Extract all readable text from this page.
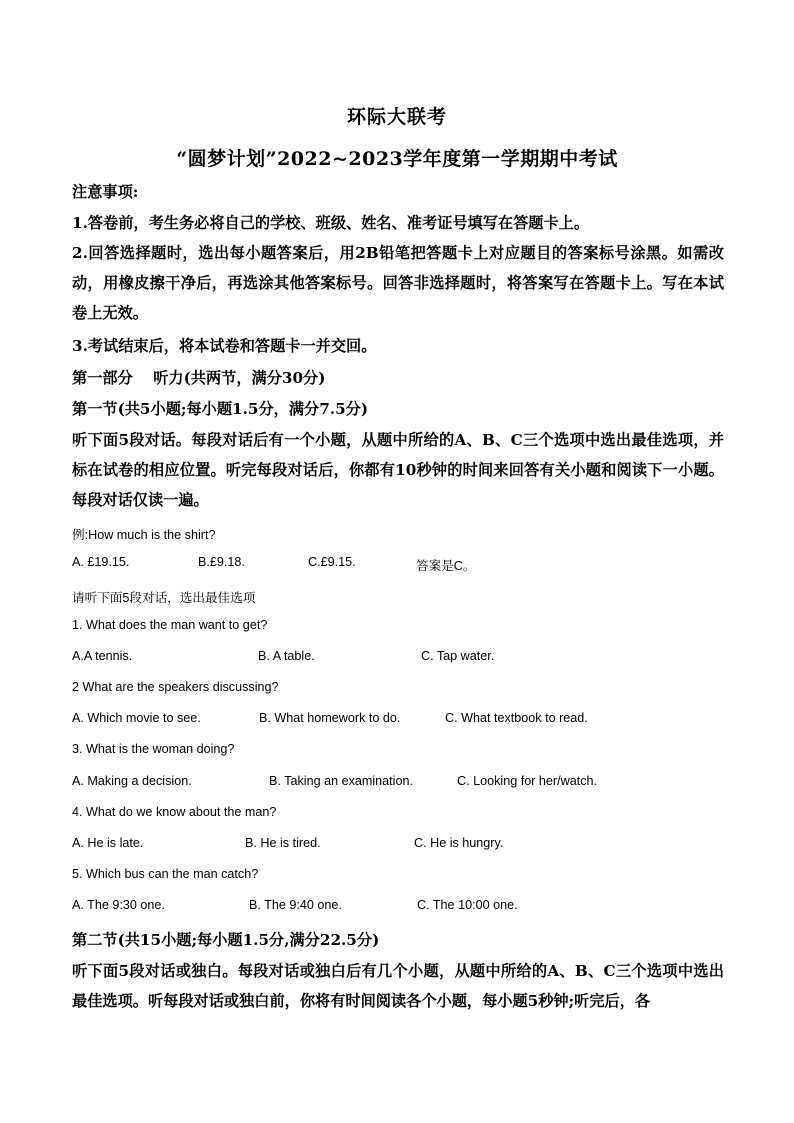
环际大联考
“圆梦计划”2022~2023学年度第一学期期中考试
注意事项:
1.答卷前，考生务必将自己的学校、班级、姓名、准考证号填写在答题卡上。
2.回答选择题时，选出每小题答案后，用2B铅笔把答题卡上对应题目的答案标号涂黑。如需改动，用橡皮擦干净后，再选涂其他答案标号。回答非选择题时，将答案写在答题卡上。写在本试卷上无效。
3.考试结束后，将本试卷和答题卡一并交回。
第一部分　 听力(共两节，满分30分)
第一节(共5小题;每小题1.5分，满分7.5分)
听下面5段对话。每段对话后有一个小题，从题中所给的A、B、C三个选项中选出最佳选项，并标在试卷的相应位置。听完每段对话后，你都有10秒钟的时间来回答有关小题和阅读下一小题。每段对话仅读一遍。
例:How much is the shirt?
A. £19.15.	B.£9.18.	C.£9.15.	答案是C。
请听下面5段对话，选出最佳选项
1. What does the man want to get?
A.A tennis.	B. A table.	C. Tap water.
2 What are the speakers discussing?
A. Which movie to see.	B. What homework to do.	C. What textbook to read.
3. What is the woman doing?
A. Making a decision.	B. Taking an examination.	C. Looking for her/watch.
4. What do we know about the man?
A. He is late.	B. He is tired.	C. He is hungry.
5. Which bus can the man catch?
A. The 9:30 one.	B. The 9:40 one.	C. The 10:00 one.
第二节(共15小题;每小题1.5分,满分22.5分)
听下面5段对话或独白。每段对话或独白后有几个小题，从题中所给的A、B、C三个选项中选出最佳选项。听每段对话或独白前，你将有时间阅读各个小题，每小题5秒钟;听完后，各
